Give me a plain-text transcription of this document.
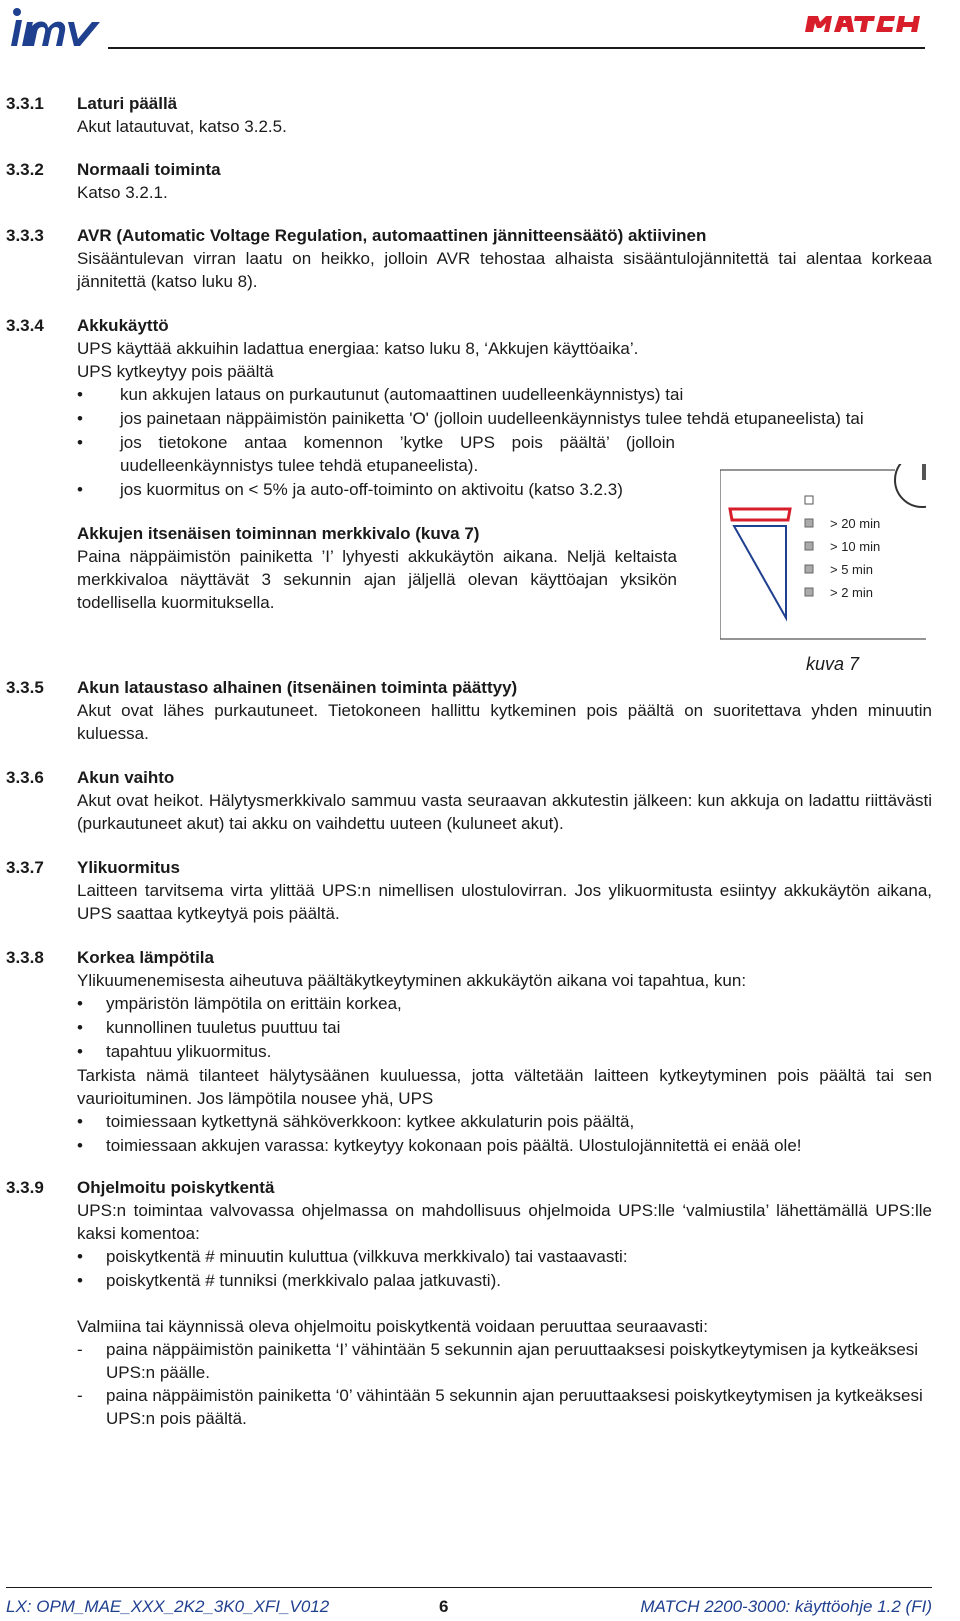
3.3.1 Laturi päällä

Akut latautuvat, katso 3.2.5.

3.3.2 Normaali toiminta

Katso 3.2.1.

3.3.3 AVR (Automatic Voltage Regulation, automaattinen jännitteensäätö) aktiivinen

Sisääntulevan virran laatu on heikko, jolloin AVR tehostaa alhaista sisääntulojännitettä tai alentaa korkeaa jännitettä (katso luku 8).

3.3.4 Akkukäyttö

UPS käyttää akkuihin ladattua energiaa: katso luku 8, ‘Akkujen käyttöaika’.

UPS kytkeytyy pois päältä

• kun akkujen lataus on purkautunut (automaattinen uudelleenkäynnistys) tai
• jos painetaan näppäimistön painiketta 'O' (jolloin uudelleenkäynnistys tulee tehdä etupaneelista) tai
• jos tietokone antaa komennon ’kytke UPS pois päältä’ (jolloin uudelleenkäynnistys tulee tehdä etupaneelista).
• jos kuormitus on < 5% ja auto-off-toiminto on aktivoitu (katso 3.2.3)

Akkujen itsenäisen toiminnan merkkivalo (kuva 7)

Paina näppäimistön painiketta ’I’ lyhyesti akkukäytön aikana. Neljä keltaista merkkivaloa näyttävät 3 sekunnin ajan jäljellä olevan käyttöajan yksikön todellisella kuormituksella.

> 20 min
> 10 min
> 5 min
> 2 min
kuva 7
3.3.5 Akun lataustaso alhainen (itsenäinen toiminta päättyy)

Akut ovat lähes purkautuneet. Tietokoneen hallittu kytkeminen pois päältä on suoritettava yhden minuutin kuluessa.

3.3.6 Akun vaihto

Akut ovat heikot. Hälytysmerkkivalo sammuu vasta seuraavan akkutestin jälkeen: kun akkuja on ladattu riittävästi (purkautuneet akut) tai akku on vaihdettu uuteen (kuluneet akut).

3.3.7 Ylikuormitus

Laitteen tarvitsema virta ylittää UPS:n nimellisen ulostulovirran. Jos ylikuormitusta esiintyy akkukäytön aikana, UPS saattaa kytkeytyä pois päältä.

3.3.8 Korkea lämpötila

Ylikuumenemisesta aiheutuva päältäkytkeytyminen akkukäytön aikana voi tapahtua, kun:

• ympäristön lämpötila on erittäin korkea,
• kunnollinen tuuletus puuttuu tai
• tapahtuu ylikuormitus.

Tarkista nämä tilanteet hälytysäänen kuuluessa, jotta vältetään laitteen kytkeytyminen pois päältä tai sen vaurioituminen. Jos lämpötila nousee yhä, UPS

• toimiessaan kytkettynä sähköverkkoon: kytkee akkulaturin pois päältä,
• toimiessaan akkujen varassa: kytkeytyy kokonaan pois päältä. Ulostulojännitettä ei enää ole!
3.3.9 Ohjelmoitu poiskytkentä

UPS:n toimintaa valvovassa ohjelmassa on mahdollisuus ohjelmoida UPS:lle ‘valmiustila’ lähettämällä UPS:lle kaksi komentoa:

• poiskytkentä # minuutin kuluttua (vilkkuva merkkivalo) tai vastaavasti:
• poiskytkentä # tunniksi (merkkivalo palaa jatkuvasti).

Valmiina tai käynnissä oleva ohjelmoitu poiskytkentä voidaan peruuttaa seuraavasti:

- paina näppäimistön painiketta ‘I’ vähintään 5 sekunnin ajan peruuttaaksesi poiskytkeytymisen ja kytkeäksesi UPS:n päälle.
- paina näppäimistön painiketta ‘0’ vähintään 5 sekunnin ajan peruuttaaksesi poiskytkeytymisen ja kytkeäksesi UPS:n pois päältä.
LX: OPM_MAE_XXX_2K2_3K0_XFI_V012	6	MATCH 2200-3000: käyttöohje 1.2 (FI)
